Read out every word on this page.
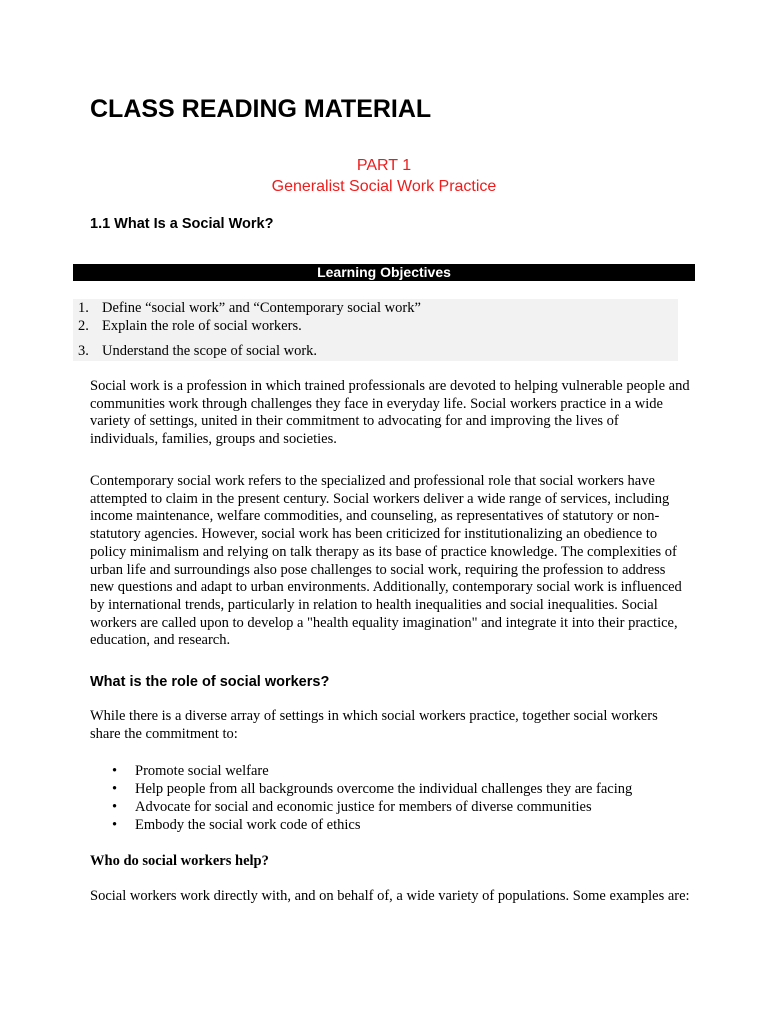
CLASS READING MATERIAL
PART 1
Generalist Social Work Practice
1.1 What Is a Social Work?
Learning Objectives
1. Define “social work” and “Contemporary social work”
2. Explain the role of social workers.
3. Understand the scope of social work.

Social work is a profession in which trained professionals are devoted to helping vulnerable people and communities work through challenges they face in everyday life. Social workers practice in a wide variety of settings, united in their commitment to advocating for and improving the lives of individuals, families, groups and societies.

Contemporary social work refers to the specialized and professional role that social workers have attempted to claim in the present century. Social workers deliver a wide range of services, including income maintenance, welfare commodities, and counseling, as representatives of statutory or non-statutory agencies. However, social work has been criticized for institutionalizing an obedience to policy minimalism and relying on talk therapy as its base of practice knowledge. The complexities of urban life and surroundings also pose challenges to social work, requiring the profession to address new questions and adapt to urban environments. Additionally, contemporary social work is influenced by international trends, particularly in relation to health inequalities and social inequalities. Social workers are called upon to develop a "health equality imagination" and integrate it into their practice, education, and research.

What is the role of social workers?

While there is a diverse array of settings in which social workers practice, together social workers share the commitment to:

• Promote social welfare
• Help people from all backgrounds overcome the individual challenges they are facing
• Advocate for social and economic justice for members of diverse communities
• Embody the social work code of ethics
Who do social workers help?

Social workers work directly with, and on behalf of, a wide variety of populations. Some examples are:
